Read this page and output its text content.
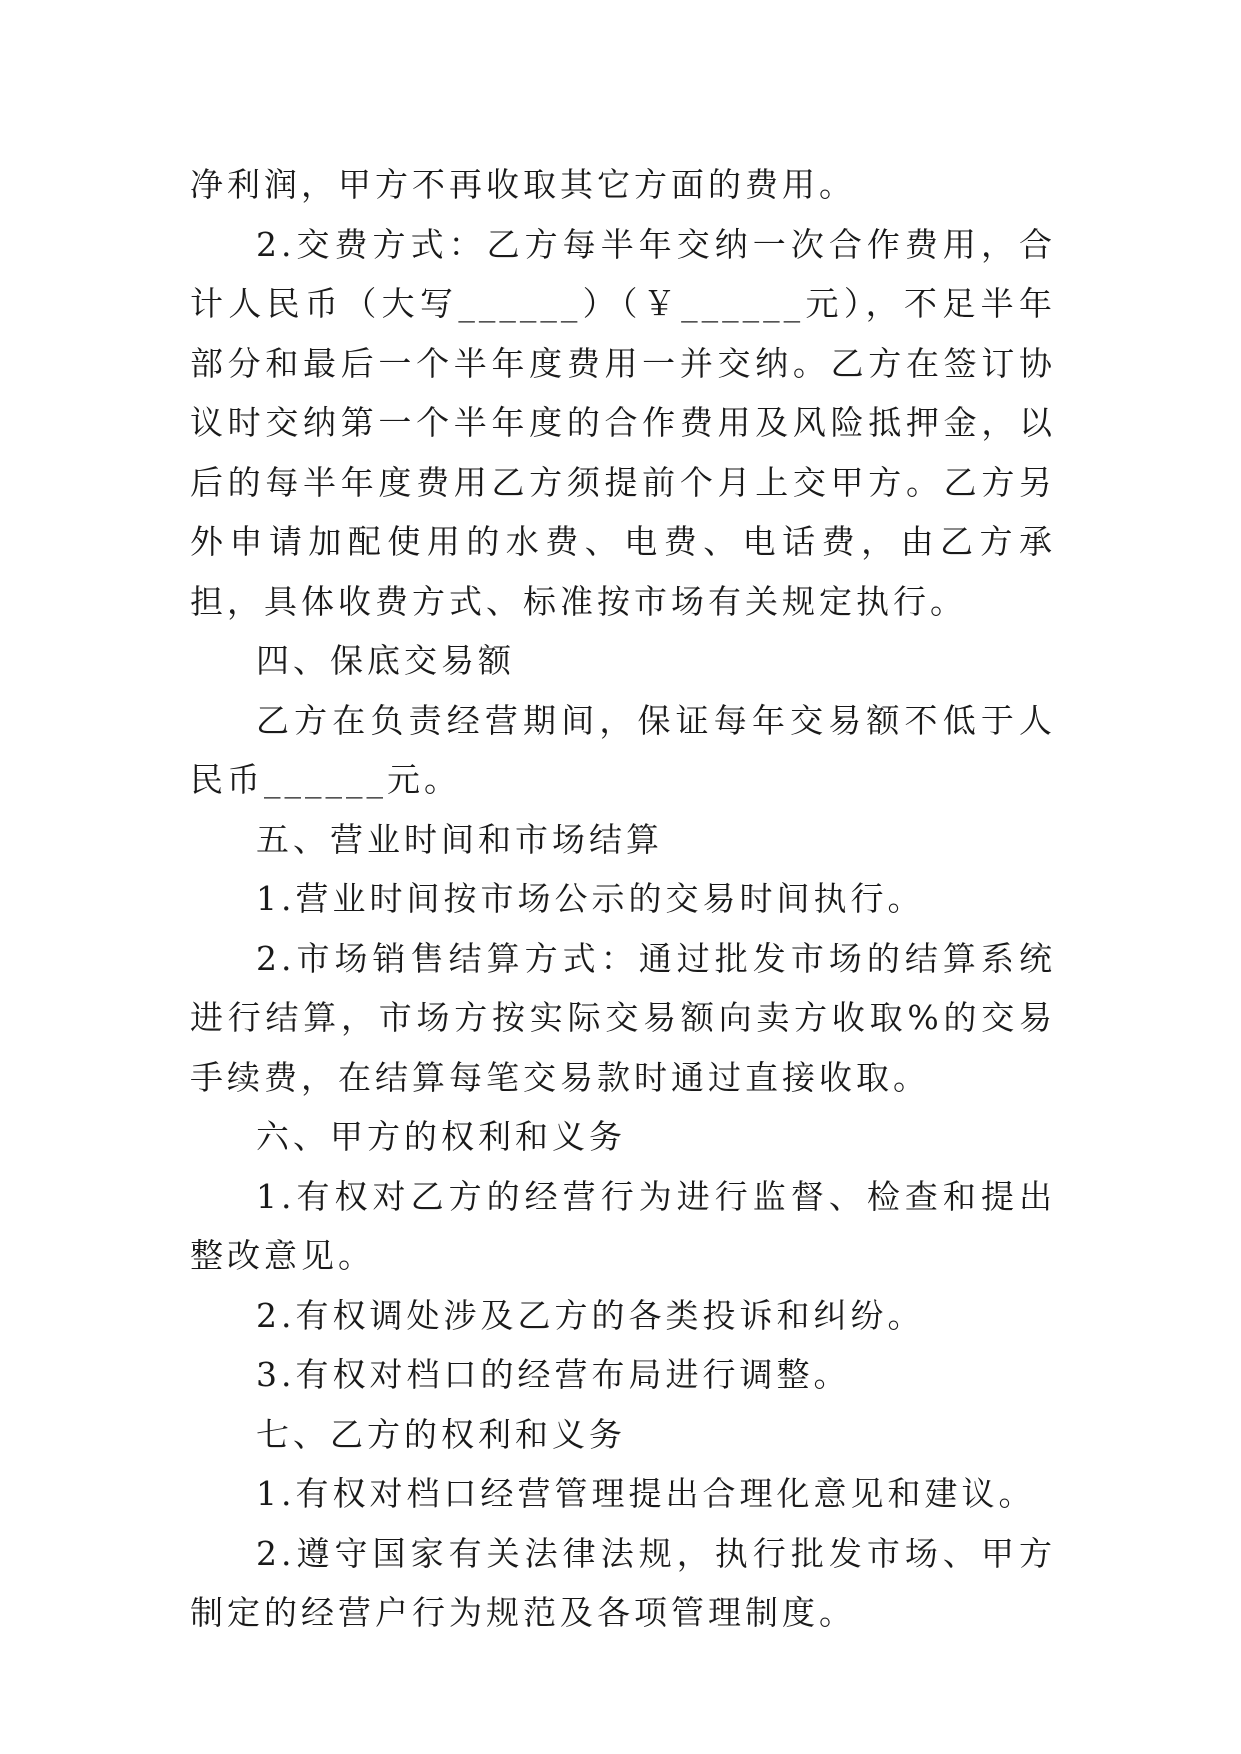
净利润，甲方不再收取其它方面的费用。

2.交费方式：乙方每半年交纳一次合作费用，合计人民币（大写______）（￥______元），不足半年部分和最后一个半年度费用一并交纳。乙方在签订协议时交纳第一个半年度的合作费用及风险抵押金，以后的每半年度费用乙方须提前个月上交甲方。乙方另外申请加配使用的水费、电费、电话费，由乙方承担，具体收费方式、标准按市场有关规定执行。

四、保底交易额

乙方在负责经营期间，保证每年交易额不低于人民币______元。

五、营业时间和市场结算

1.营业时间按市场公示的交易时间执行。

2.市场销售结算方式：通过批发市场的结算系统进行结算，市场方按实际交易额向卖方收取%的交易手续费，在结算每笔交易款时通过直接收取。

六、甲方的权利和义务

1.有权对乙方的经营行为进行监督、检查和提出整改意见。

2.有权调处涉及乙方的各类投诉和纠纷。

3.有权对档口的经营布局进行调整。

七、乙方的权利和义务

1.有权对档口经营管理提出合理化意见和建议。

2.遵守国家有关法律法规，执行批发市场、甲方制定的经营户行为规范及各项管理制度。
